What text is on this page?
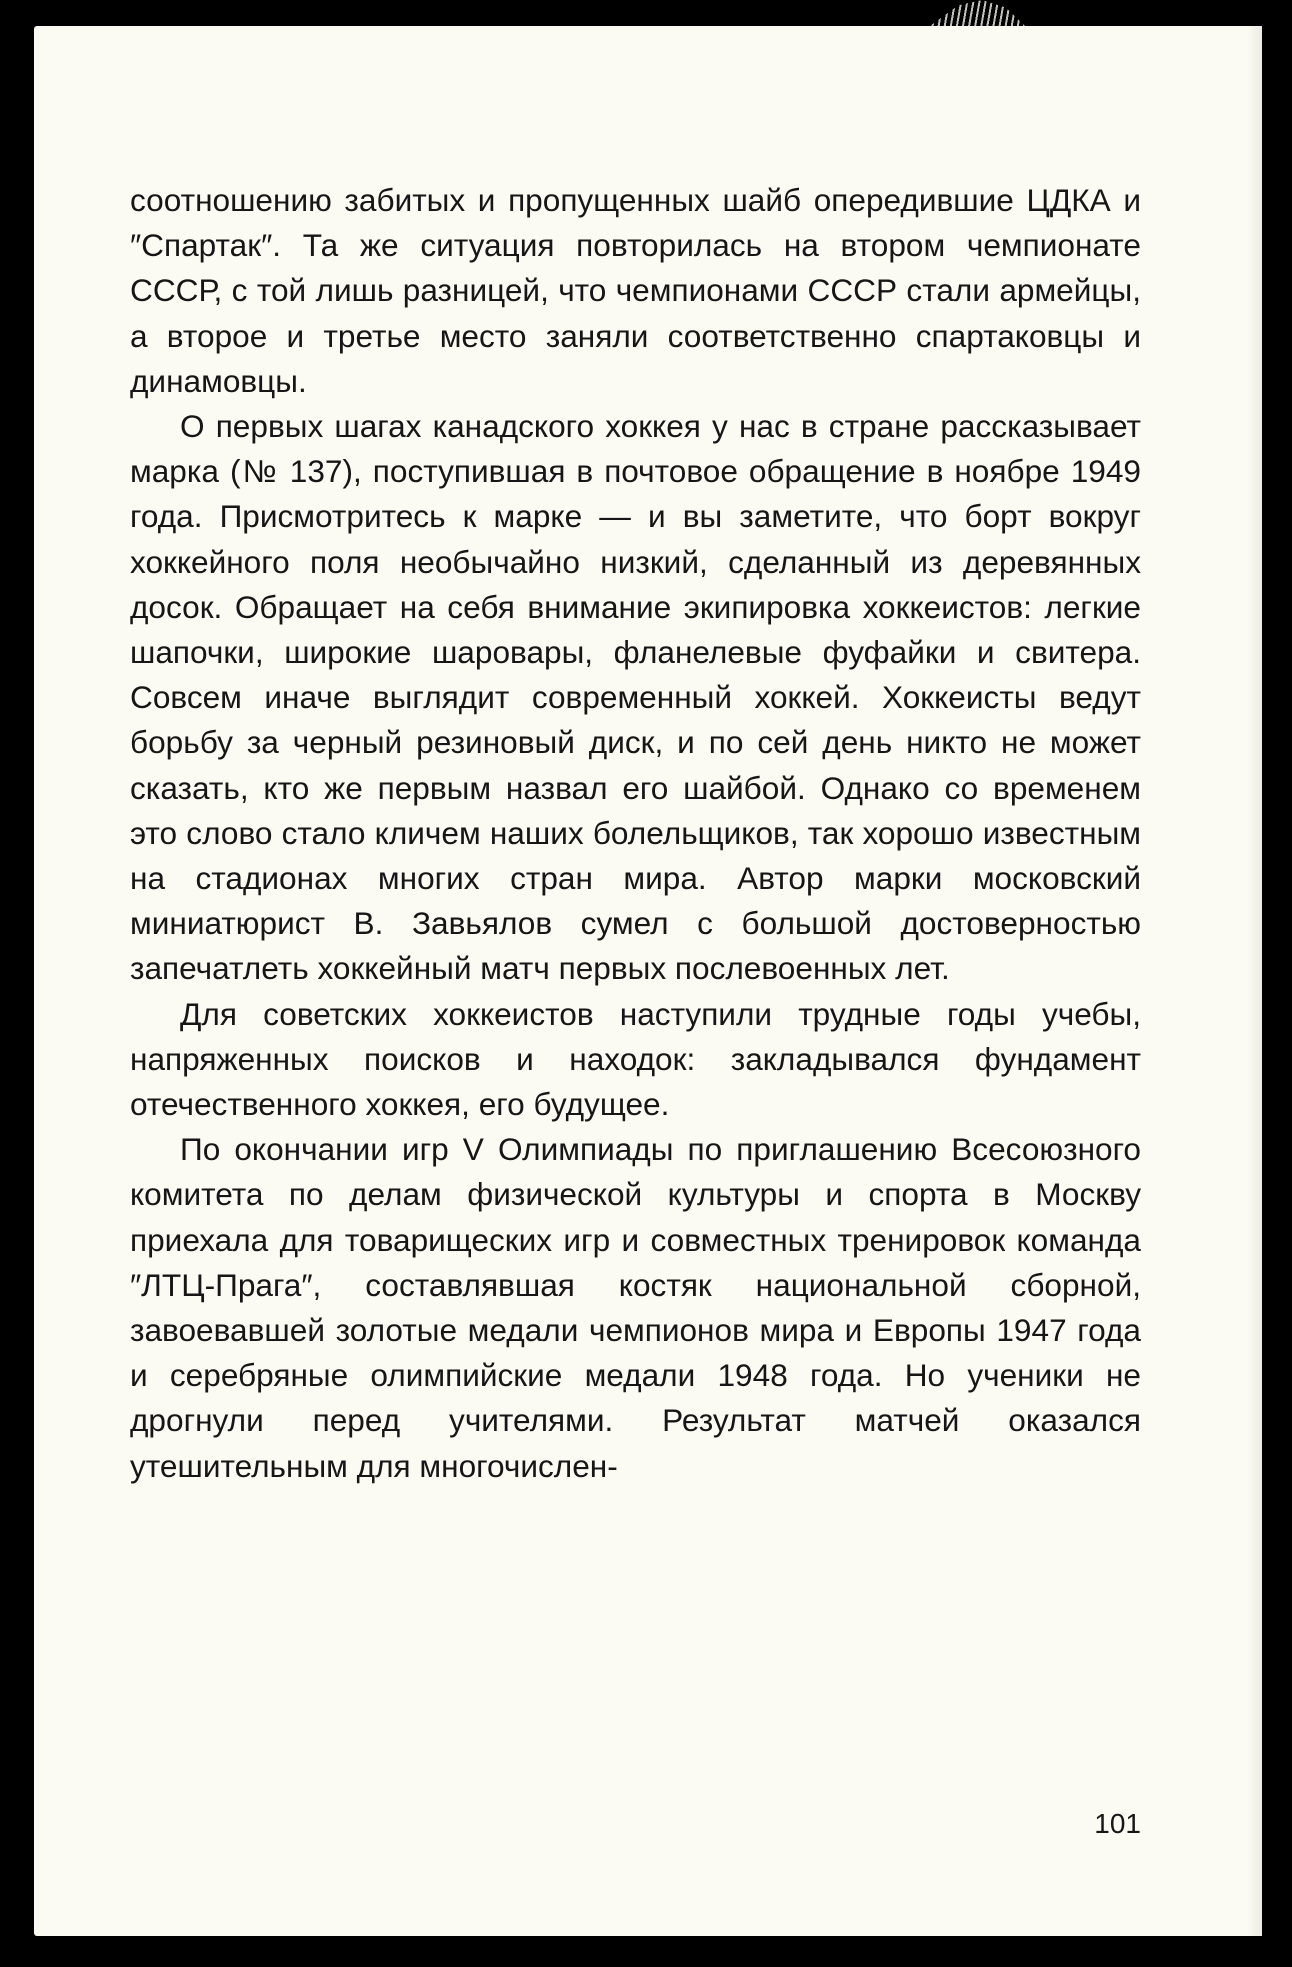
соотношению забитых и пропущенных шайб опередившие ЦДКА и ″Спартак″. Та же ситуация повторилась на втором чемпионате СССР, с той лишь разницей, что чемпионами СССР стали армейцы, а второе и третье место заняли соответственно спартаковцы и динамовцы.

О первых шагах канадского хоккея у нас в стране рассказывает марка (№ 137), поступившая в почтовое обращение в ноябре 1949 года. Присмотритесь к марке — и вы заметите, что борт вокруг хоккейного поля необычайно низкий, сделанный из деревянных досок. Обращает на себя внимание экипировка хоккеистов: легкие шапочки, широкие шаровары, фланелевые фуфайки и свитера. Совсем иначе выглядит современный хоккей. Хоккеисты ведут борьбу за черный резиновый диск, и по сей день никто не может сказать, кто же первым назвал его шайбой. Однако со временем это слово стало кличем наших болельщиков, так хорошо известным на стадионах многих стран мира. Автор марки московский миниатюрист В. Завьялов сумел с большой достоверностью запечатлеть хоккейный матч первых послевоенных лет.

Для советских хоккеистов наступили трудные годы учебы, напряженных поисков и находок: закладывался фундамент отечественного хоккея, его будущее.

По окончании игр V Олимпиады по приглашению Всесоюзного комитета по делам физической культуры и спорта в Москву приехала для товарищеских игр и совместных тренировок команда ″ЛТЦ-Прага″, составлявшая костяк национальной сборной, завоевавшей золотые медали чемпионов мира и Европы 1947 года и серебряные олимпийские медали 1948 года. Но ученики не дрогнули перед учителями. Результат матчей оказался утешительным для многочислен-

101
